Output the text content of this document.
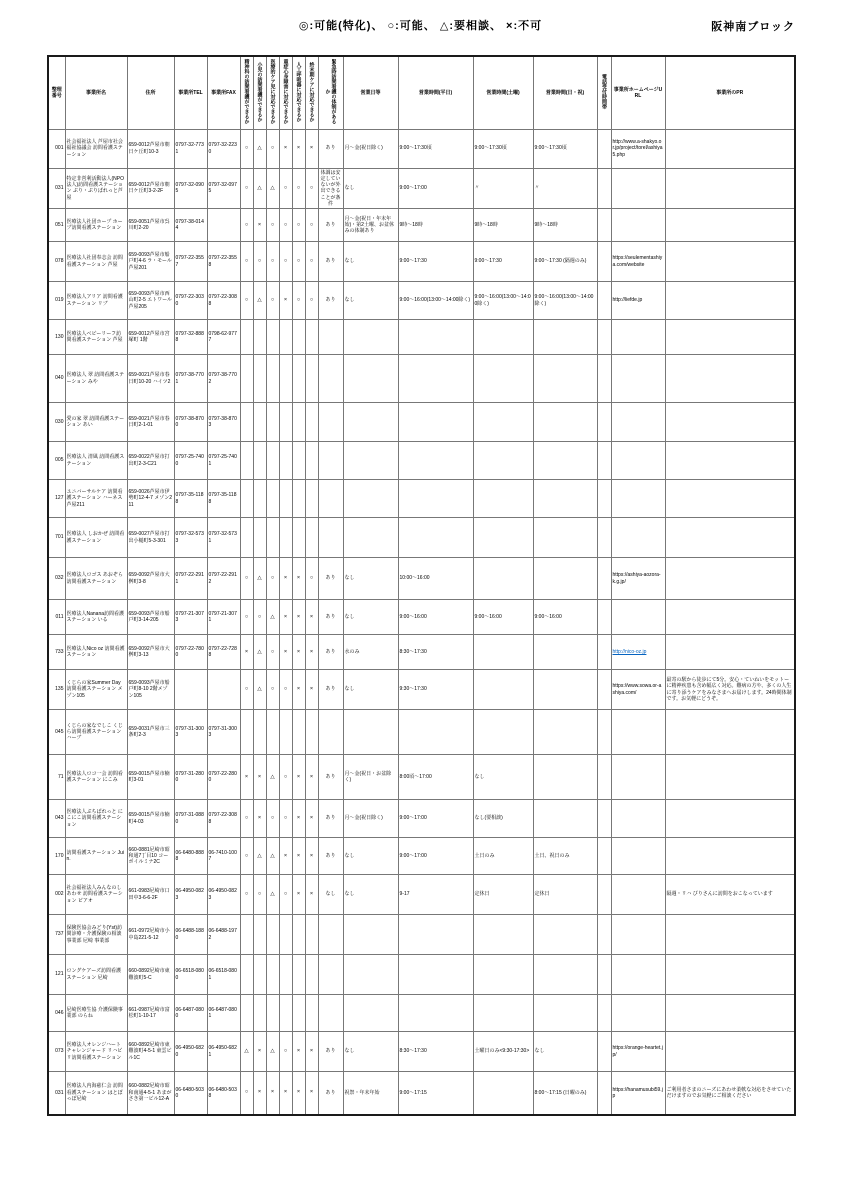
◎:可能(特化)、 ○:可能、 △:要相談、 ×:不可	阪神南ブロック
整理番号	事業所名	住所	事業所TEL	事業所FAX	精神科の訪問看護ができるか	小児の訪問看護ができるか	医療的ケア児に対応できるか	重症心身障害に対応できるか	人工呼吸器に対応できるか	終末期ケアに対応できるか	緊急時訪問看護の体制があるか	営業日等	営業時間(平日)	営業時間(土曜)	営業時間(日・祝)	電話受付時間帯	事業所ホームページURL	事業所のPR
001	社会福祉法人 芦屋市社会福祉協議会 訪問看護ステーション	659-0012芦屋市朝日ケ丘町10-3	0797-32-7731	0797-32-2230	○	△	○	×	×	×	あり	月～金(祝日除く)	9:00～17:30頃	9:00～17:30頃	9:00～17:30頃		http://www.a-shakyo.or.jp/project/torel/ashiya5.php	
031	特定非営利活動法人(NPO法人)訪問看護ステーション ぷり・ぷりぱれっと芦屋	659-0012芦屋市朝日ケ丘町3-2-2F	0797-32-0905	0797-32-0975	○	△	△	○	○	○	体調は安定していないが外出できることが条件	なし	9:00～17:00	〃	〃			
051	医療法人社団ホープ ホープ訪問看護ステーション	659-0051芦屋市呉川町2-20	0797-38-0144		○	×	○	○	○	○	あり	月～金(祝日・年末年始)・第2土曜、お盆休みの体制あり	9時～18時	9時～18時	9時～18時			
078	医療法人社団奉志会 訪問看護ステーション 芦屋	659-0093芦屋市船戸町4-6 ラ・モール芦屋201	0797-22-3557	0797-22-3558	○	○	○	○	○	○	あり	なし	9:00～17:30	9:00～17:30	9:00～17:30 (隔週のみ)		https://seulementashiya.com/website	
019	医療法人アリア 訪問看護ステーション リブ	659-0093芦屋市西山町2-5 エトワール芦屋205	0797-22-3030	0797-22-3088	○	△	○	×	○	○	あり	なし	9:00～16:00(13:00～14:00除く)	9:00～16:00(13:00～14:00除く)	9:00～16:00(13:00～14:00除く)		http://liefde.jp	
130	医療法人ベビーリーフ訪問看護ステーション 芦屋	659-0012芦屋市宮塚町 1階	0797-32-8888	0798-62-9777														
040	医療法人 翠 訪問看護ステーション みや	659-0021芦屋市春日町10-20 ハイツ2	0797-38-7701	0797-38-7702														
030	愛の家 翠 訪問看護ステーション あい	659-0021芦屋市春日町2-1-01	0797-38-8700	0797-38-8703														
005	医療法人 清風 訪問看護ステーション	659-0022芦屋市打出町2-3-C21	0797-25-7400	0797-25-7401														
127	ユニバーサルケア 訪問看護ステーション ハーネス芦屋211	659-0026芦屋市伊勢町12-4-7 メゾン211	0797-35-1188	0797-35-1188														
701	医療法人 しおかぜ 訪問看護ステーション	659-0027芦屋市打出小槌町5-3-301	0797-32-5733	0797-32-5731														
032	医療法人ロゴス あおぞら訪問看護ステーション	659-0092芦屋市大桝町3-8	0797-22-2911	0797-22-2912	○	△	○	×	×	○	あり	なし	10:00～16:00				https://ashiya-aozora-k.g.jp/	
011	医療法人Nanana訪問看護ステーション いる	659-0093芦屋市船戸町3-14-205	0797-21-3073	0797-21-3071	○	○	△	×	×	×	あり	なし	9:00～16:00	9:00～16:00	9:00～16:00			
733	医療法人Nico oz 訪問看護ステーション	659-0092芦屋市大桝町3-13	0797-22-7800	0797-22-7288	×	△	○	×	×	×	あり	水のみ	8:30～17:30				http://nico-oz.jp	
135	くじらの家Summer Day訪問看護ステーション メゾン105	659-0093芦屋市船戸町8-10 2階メゾン105			○	△	○	○	×	×	あり	なし	9:30～17:30				https://www.sowa.or-ashiya.com/	最寄の駅から徒歩にて5分。安心・ていねいをモットーに精神疾患も含め幅広く対応。難病の方や、多くの人生に寄り添うケアをみなさまへお届けします。24時間体制です。お気軽にどうぞ。
045	くじらの家なでしこ くじら訪問看護ステーション ハーブ	659-0031芦屋市三条町2-3	0797-31-3003	0797-31-3003														
71	医療法人ロコ一会 訪問看護ステーション にこみ	659-0015芦屋市楠町3-01	0797-31-2800	0797-22-2800	×	×	△	○	×	×	あり	月～金(祝日・お盆除く)	8:00頃～17:00	なし				
043	医療法人ぷちぱれっと にこにこ訪問看護ステーション	659-0015芦屋市楠町4-03	0797-31-0880	0797-22-3088	○	×	○	○	×	×	あり	月～金(祝日除く)	9:00～17:00	なし(要相談)				
170	訪問看護ステーション Juin.	660-0881尼崎市昭和通7丁目10 コーポイルミナ2C	06-6480-8888	06-7410-1007	○	△	△	×	×	×	あり	なし	9:00～17:00	土日のみ	土日、祝日のみ			
002	社会福祉法人みんなのしあわせ 訪問看護ステーション ピアオ	661-0983尼崎市口田中3-6-6-2F	06-4950-0823	06-4950-0823	○	○	△	○	×	×	なし	なし	9-17	定休日	定休日			隔週・リハ びりさんに訪問をおこなっています
737	保険医協会みどり(Yst)訪問診療・介護保険の相談事業部 尼崎 事業部	661-0972尼崎市小中島221-5-12	06-6488-1880	06-6488-1972														
121	ロングケアーズ訪問看護ステーション 尼崎	660-0892尼崎市東難波町5-C	06-6518-0800	06-6518-0801														
046	尼崎医療生協 介護保険事業部 のらね	661-0987尼崎市富松町1-10-17	06-6487-0800	06-6487-0801														
073	医療法人オレンジハート チャレンジャード リハビリ訪問看護ステーション	660-0892尼崎市東難波町4-5-1 東雲ビル1C	06-4950-6820	06-4950-6821	△	×	△	○	×	×	あり	なし	8:30～17:30	土曜日のみ<9:30-17:30>	なし		https://orange-heartet.jp/	
031	医療法人内海慈仁会 訪問看護ステーション はとぽっぽ尼崎	660-0882尼崎市昭和南通4-5-1 あまがさき第一ビル12-A	06-6480-5030	06-6480-5038	○	×	×	×	×	×	あり	祝祭・年末年始	9:00～17:15		8:00～17:15 (日曜のみ)		https://hanamusubi59.jp	ご利用者さまのニーズにあわせ柔軟な対応をさせていただけますのでお気軽にご相談ください
